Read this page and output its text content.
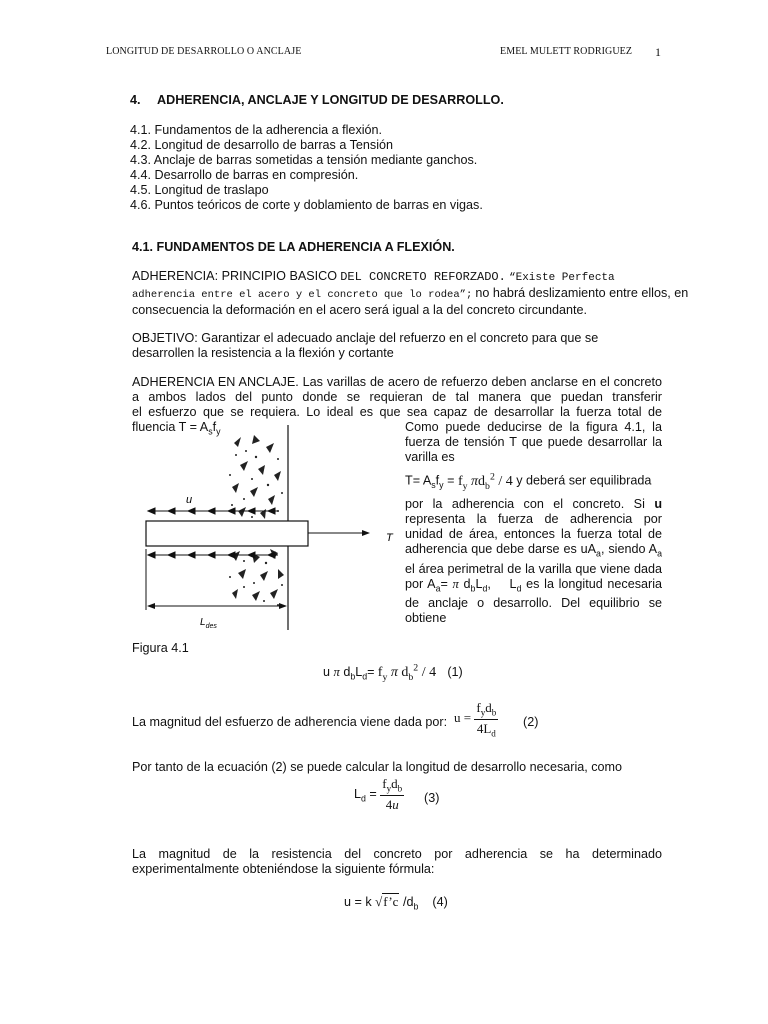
LONGITUD DE DESARROLLO O ANCLAJE	EMEL MULETT RODRIGUEZ 1
4. ADHERENCIA, ANCLAJE Y LONGITUD DE DESARROLLO.
4.1. Fundamentos de la adherencia a flexión.
4.2. Longitud de desarrollo de barras a Tensión
4.3. Anclaje de barras sometidas a tensión mediante ganchos.
4.4. Desarrollo de barras en compresión.
4.5. Longitud de traslapo
4.6. Puntos teóricos de corte y doblamiento de barras en vigas.
4.1. FUNDAMENTOS DE LA ADHERENCIA A FLEXIÓN.
ADHERENCIA: PRINCIPIO BASICO DEL CONCRETO REFORZADO. “Existe Perfecta
adherencia entre el acero y el concreto que lo rodea”; no habrá deslizamiento entre ellos, en
consecuencia la deformación en el acero será igual a la del concreto circundante.
OBJETIVO: Garantizar el adecuado anclaje del refuerzo en el concreto para que se
desarrollen la resistencia a la flexión y cortante
ADHERENCIA EN ANCLAJE. Las varillas de acero de refuerzo deben anclarse en el concreto
a ambos lados del punto donde se requieran de tal manera que puedan transferir
el esfuerzo que se requiera. Lo ideal es que sea capaz de desarrollar la fuerza total de
fluencia $T = A_sf_y$
T
u
$L_{des}$
Figura 4.1
Como puede deducirse de la figura 4.1, la
fuerza de tensión T que puede desarrollar la
varilla es
$T= A_sf_y = f_y$ $\pi d_b^2 / 4$ y deberá ser equilibrada
por la adherencia con el concreto. Si u
representa la fuerza de adherencia por
unidad de área, entonces la fuerza total de
adherencia que debe darse es $uA_a$, siendo $A_a$
el área perimetral de la varilla que viene dada
por $A_a= \pi$ $d_bL_d$,    $L_d$ es la longitud necesaria
de anclaje o desarrollo. Del equilibrio se
obtiene
u π $d_bL_d= f_y$ π $d_b^2 / 4$ (1)
La magnitud del esfuerzo de adherencia viene dada por: $u = \frac{f_yd_b}{4L_d} (2)$
Por tanto de la ecuación (2) se puede calcular la longitud de desarrollo necesaria, como
$L_d = \frac{f_yd_b}{4u} (3)$
La magnitud de la resistencia del concreto por adherencia se ha determinado
experimentalmente obteniéndose la siguiente fórmula:
u = k √f’c $/d_b$ (4)
